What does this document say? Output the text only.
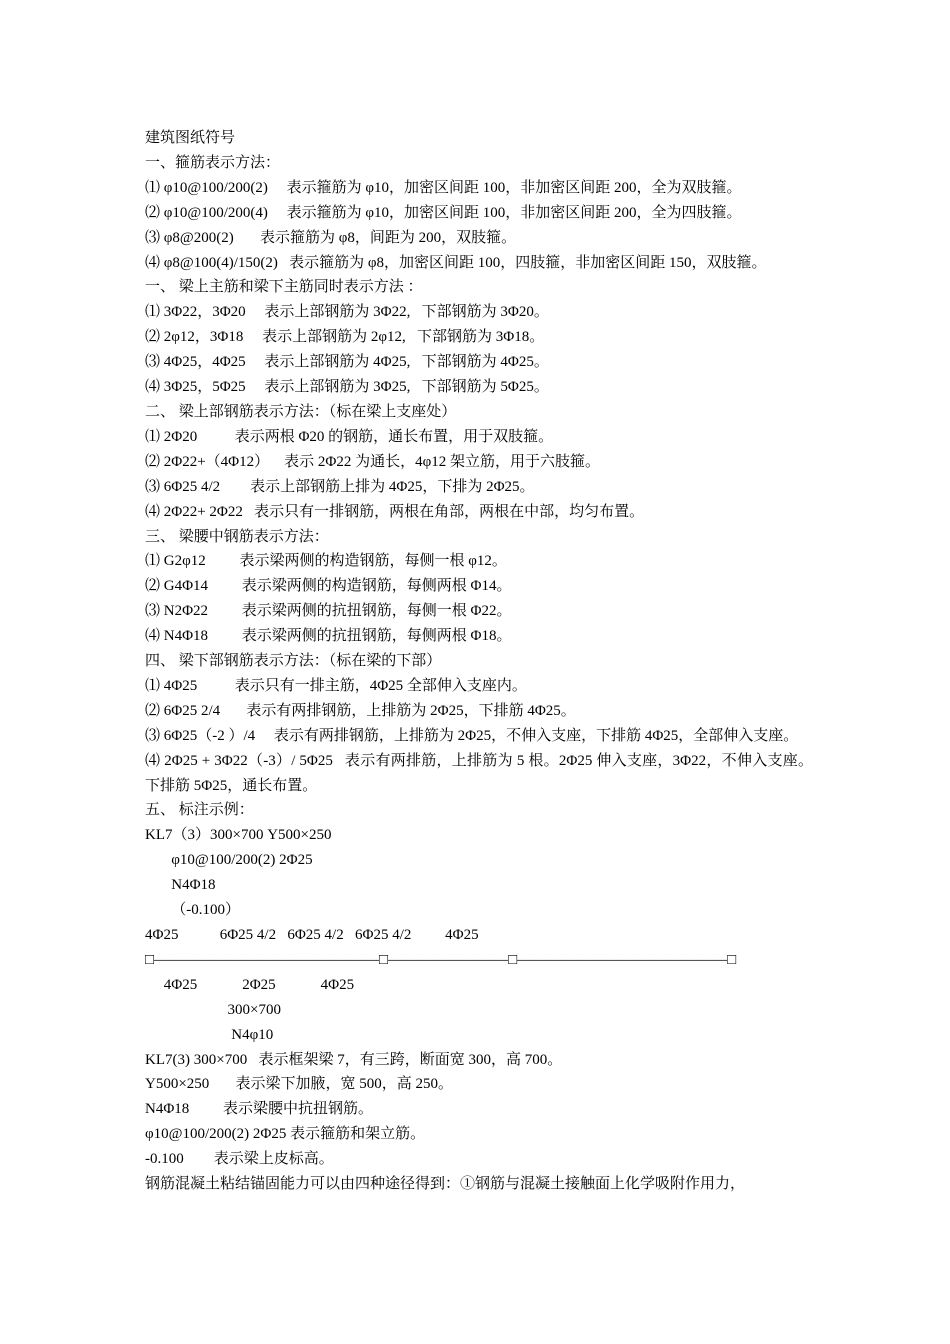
建筑图纸符号
一、箍筋表示方法：
⑴ φ10@100/200(2)     表示箍筋为 φ10，加密区间距 100，非加密区间距 200，全为双肢箍。
⑵ φ10@100/200(4)     表示箍筋为 φ10，加密区间距 100，非加密区间距 200，全为四肢箍。
⑶ φ8@200(2)       表示箍筋为 φ8，间距为 200，双肢箍。
⑷ φ8@100(4)/150(2)   表示箍筋为 φ8，加密区间距 100，四肢箍，非加密区间距 150，双肢箍。
一、 梁上主筋和梁下主筋同时表示方法 ：
⑴ 3Φ22，3Φ20     表示上部钢筋为 3Φ22,   下部钢筋为 3Φ20。
⑵ 2φ12，3Φ18     表示上部钢筋为 2φ12,   下部钢筋为 3Φ18。
⑶ 4Φ25，4Φ25     表示上部钢筋为 4Φ25,   下部钢筋为 4Φ25。
⑷ 3Φ25，5Φ25     表示上部钢筋为 3Φ25,   下部钢筋为 5Φ25。
二、 梁上部钢筋表示方法：（标在梁上支座处）
⑴ 2Φ20          表示两根 Φ20 的钢筋，通长布置，用于双肢箍。
⑵ 2Φ22+（4Φ12）    表示 2Φ22 为通长，4φ12 架立筋，用于六肢箍。
⑶ 6Φ25 4/2        表示上部钢筋上排为 4Φ25，下排为 2Φ25。
⑷ 2Φ22+ 2Φ22   表示只有一排钢筋，两根在角部，两根在中部，均匀布置。
三、 梁腰中钢筋表示方法：
⑴ G2φ12         表示梁两侧的构造钢筋，每侧一根 φ12。
⑵ G4Φ14         表示梁两侧的构造钢筋，每侧两根 Φ14。
⑶ N2Φ22         表示梁两侧的抗扭钢筋，每侧一根 Φ22。
⑷ N4Φ18         表示梁两侧的抗扭钢筋，每侧两根 Φ18。
四、 梁下部钢筋表示方法：（标在梁的下部）
⑴ 4Φ25          表示只有一排主筋，4Φ25 全部伸入支座内。
⑵ 6Φ25 2/4       表示有两排钢筋，上排筋为 2Φ25，下排筋 4Φ25。
⑶ 6Φ25（-2 ）/4     表示有两排钢筋，上排筋为 2Φ25，不伸入支座，下排筋 4Φ25，全部伸入支座。
⑷ 2Φ25 + 3Φ22（-3）/ 5Φ25   表示有两排筋，上排筋为 5 根。2Φ25 伸入支座，3Φ22，不伸入支座。下排筋 5Φ25，通长布置。
五、 标注示例：
KL7（3）300×700 Y500×250
φ10@100/200(2) 2Φ25
N4Φ18
（-0.100）
4Φ25           6Φ25 4/2   6Φ25 4/2   6Φ25 4/2         4Φ25
□———————————————□————————□——————————————□
4Φ25            2Φ25            4Φ25
300×700
N4φ10
KL7(3) 300×700   表示框架梁 7，有三跨，断面宽 300，高 700。
Y500×250       表示梁下加腋，宽 500，高 250。
N4Φ18         表示梁腰中抗扭钢筋。
φ10@100/200(2) 2Φ25 表示箍筋和架立筋。
-0.100        表示梁上皮标高。
钢筋混凝土粘结锚固能力可以由四种途径得到：①钢筋与混凝土接触面上化学吸附作用力，
